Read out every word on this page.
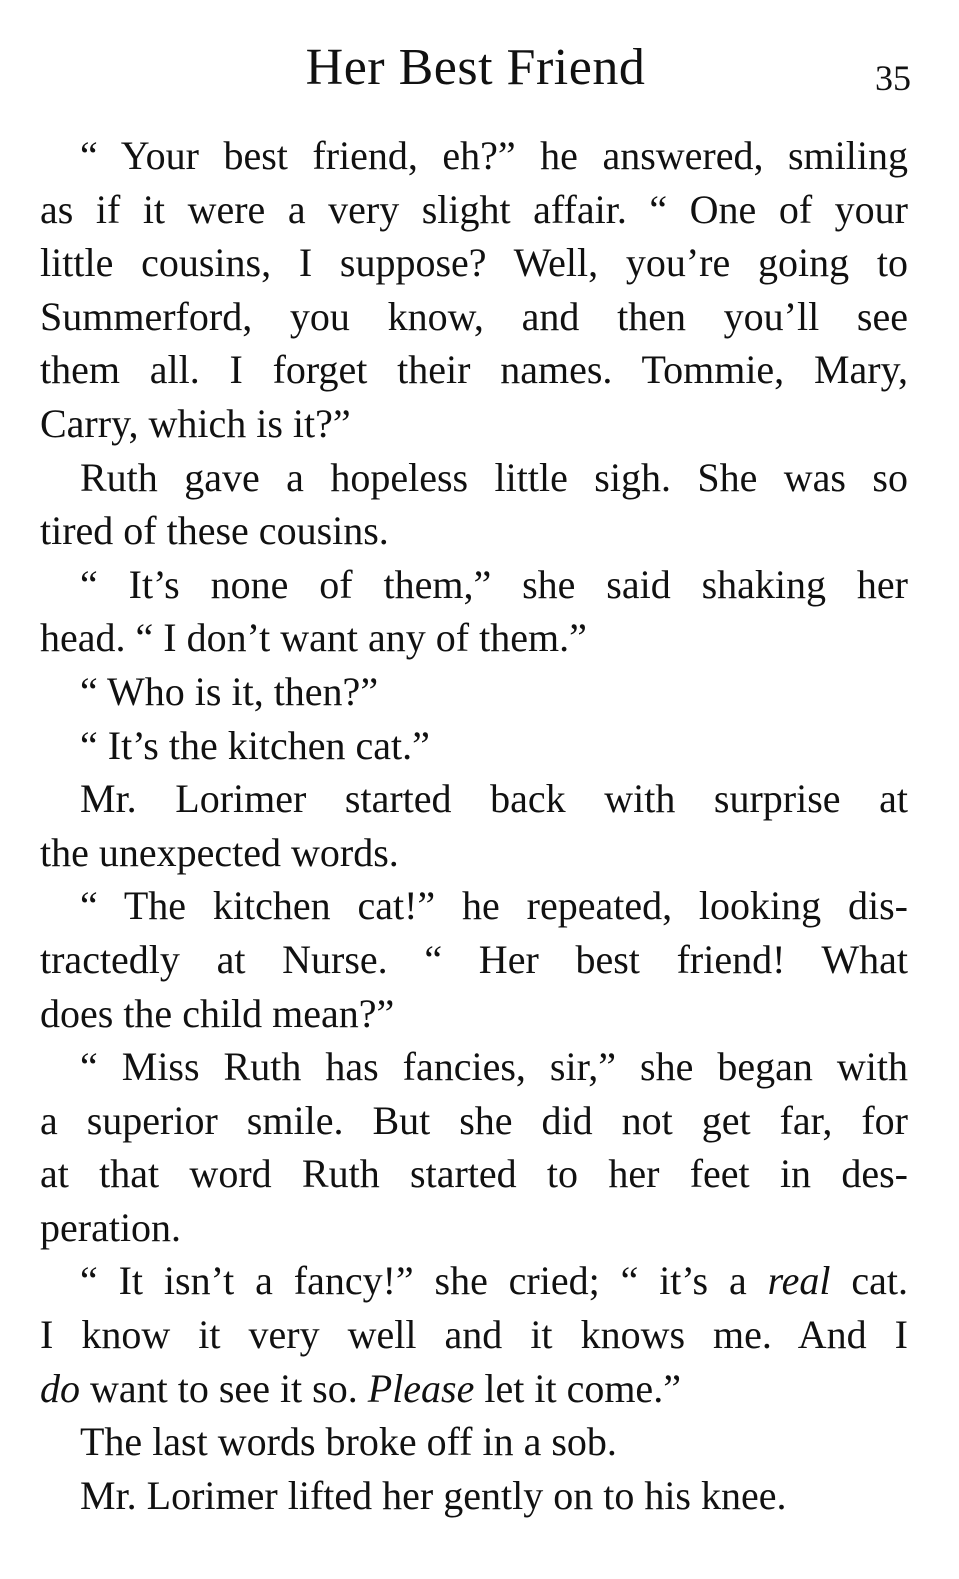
Her Best Friend	35

“ Your best friend, eh?” he answered, smiling
as if it were a very slight affair. “ One of your
little cousins, I suppose? Well, you’re going to
Summerford, you know, and then you’ll see
them all. I forget their names. Tommie, Mary,
Carry, which is it?”

Ruth gave a hopeless little sigh. She was so
tired of these cousins.

“ It’s none of them,” she said shaking her
head. “ I don’t want any of them.”

“ Who is it, then?”

“ It’s the kitchen cat.”

Mr. Lorimer started back with surprise at
the unexpected words.

“ The kitchen cat!” he repeated, looking dis-
tractedly at Nurse. “ Her best friend! What
does the child mean?”

“ Miss Ruth has fancies, sir,” she began with
a superior smile. But she did not get far, for
at that word Ruth started to her feet in des-
peration.

“ It isn’t a fancy!” she cried; “ it’s a real cat.
I know it very well and it knows me. And I
do want to see it so. Please let it come.”

The last words broke off in a sob.

Mr. Lorimer lifted her gently on to his knee.
